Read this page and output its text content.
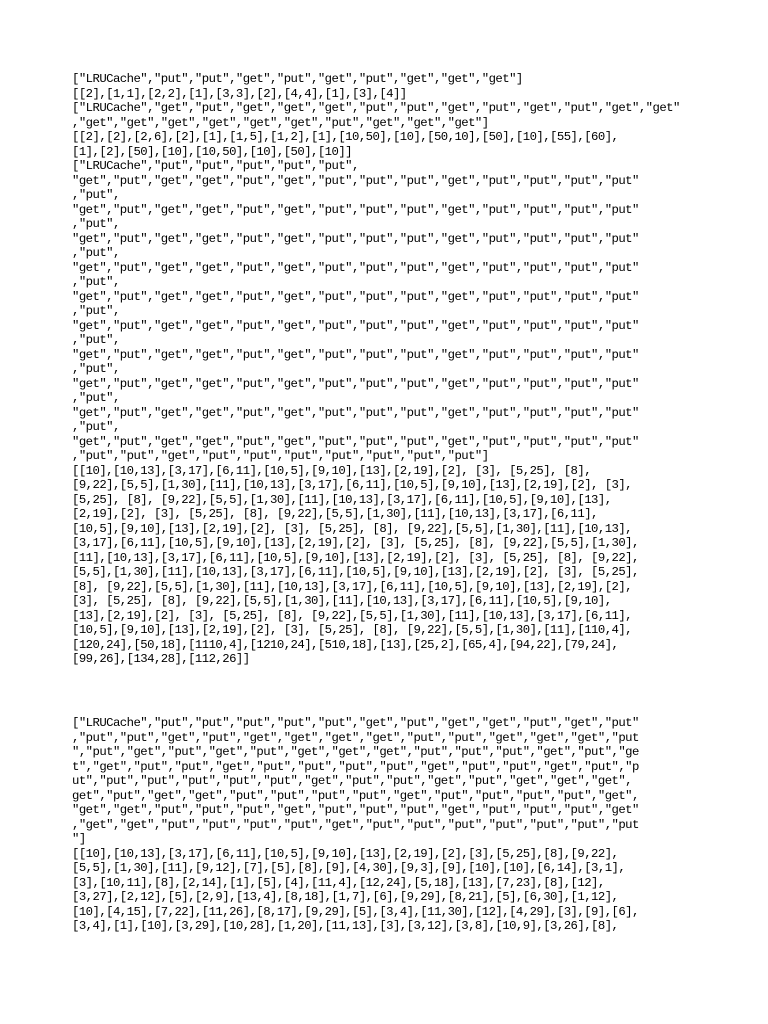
["LRUCache","put","put","get","put","get","put","get","get","get"]
[[2],[1,1],[2,2],[1],[3,3],[2],[4,4],[1],[3],[4]]
["LRUCache","get","put","get","get","get","put","put","get","put","get","put","get","get"
,"get","get","get","get","get","get","put","get","get","get"]
[[2],[2],[2,6],[2],[1],[1,5],[1,2],[1],[10,50],[10],[50,10],[50],[10],[55],[60],
[1],[2],[50],[10],[10,50],[10],[50],[10]]
["LRUCache","put","put","put","put","put",
"get","put","get","get","put","get","put","put","put","get","put","put","put","put"
,"put",
"get","put","get","get","put","get","put","put","put","get","put","put","put","put"
,"put",
"get","put","get","get","put","get","put","put","put","get","put","put","put","put"
,"put",
"get","put","get","get","put","get","put","put","put","get","put","put","put","put"
,"put",
"get","put","get","get","put","get","put","put","put","get","put","put","put","put"
,"put",
"get","put","get","get","put","get","put","put","put","get","put","put","put","put"
,"put",
"get","put","get","get","put","get","put","put","put","get","put","put","put","put"
,"put",
"get","put","get","get","put","get","put","put","put","get","put","put","put","put"
,"put",
"get","put","get","get","put","get","put","put","put","get","put","put","put","put"
,"put",
"get","put","get","get","put","get","put","put","put","get","put","put","put","put"
,"put","put","get","put","put","put","put","put","put","put"]
[[10],[10,13],[3,17],[6,11],[10,5],[9,10],[13],[2,19],[2], [3], [5,25], [8],
[9,22],[5,5],[1,30],[11],[10,13],[3,17],[6,11],[10,5],[9,10],[13],[2,19],[2], [3],
[5,25], [8], [9,22],[5,5],[1,30],[11],[10,13],[3,17],[6,11],[10,5],[9,10],[13],
[2,19],[2], [3], [5,25], [8], [9,22],[5,5],[1,30],[11],[10,13],[3,17],[6,11],
[10,5],[9,10],[13],[2,19],[2], [3], [5,25], [8], [9,22],[5,5],[1,30],[11],[10,13],
[3,17],[6,11],[10,5],[9,10],[13],[2,19],[2], [3], [5,25], [8], [9,22],[5,5],[1,30],
[11],[10,13],[3,17],[6,11],[10,5],[9,10],[13],[2,19],[2], [3], [5,25], [8], [9,22],
[5,5],[1,30],[11],[10,13],[3,17],[6,11],[10,5],[9,10],[13],[2,19],[2], [3], [5,25],
[8], [9,22],[5,5],[1,30],[11],[10,13],[3,17],[6,11],[10,5],[9,10],[13],[2,19],[2],
[3], [5,25], [8], [9,22],[5,5],[1,30],[11],[10,13],[3,17],[6,11],[10,5],[9,10],
[13],[2,19],[2], [3], [5,25], [8], [9,22],[5,5],[1,30],[11],[10,13],[3,17],[6,11],
[10,5],[9,10],[13],[2,19],[2], [3], [5,25], [8], [9,22],[5,5],[1,30],[11],[110,4],
[120,24],[50,18],[1110,4],[1210,24],[510,18],[13],[25,2],[65,4],[94,22],[79,24],
[99,26],[134,28],[112,26]]
["LRUCache","put","put","put","put","put","get","put","get","get","put","get","put"
,"put","put","get","put","get","get","get","get","put","put","get","get","get","put
","put","get","put","get","put","get","get","get","put","put","put","get","put","ge
t","get","put","put","get","put","put","put","put","get","put","put","get","put","p
ut","put","put","put","put","put","get","put","put","get","put","get","get","get",
get","put","get","get","put","put","put","put","get","put","put","put","put","get",
"get","get","put","put","put","get","put","put","put","get","put","put","put","get"
,"get","get","put","put","put","put","get","put","put","put","put","put","put","put
"]
[[10],[10,13],[3,17],[6,11],[10,5],[9,10],[13],[2,19],[2],[3],[5,25],[8],[9,22],
[5,5],[1,30],[11],[9,12],[7],[5],[8],[9],[4,30],[9,3],[9],[10],[10],[6,14],[3,1],
[3],[10,11],[8],[2,14],[1],[5],[4],[11,4],[12,24],[5,18],[13],[7,23],[8],[12],
[3,27],[2,12],[5],[2,9],[13,4],[8,18],[1,7],[6],[9,29],[8,21],[5],[6,30],[1,12],
[10],[4,15],[7,22],[11,26],[8,17],[9,29],[5],[3,4],[11,30],[12],[4,29],[3],[9],[6],
[3,4],[1],[10],[3,29],[10,28],[1,20],[11,13],[3],[3,12],[3,8],[10,9],[3,26],[8],
